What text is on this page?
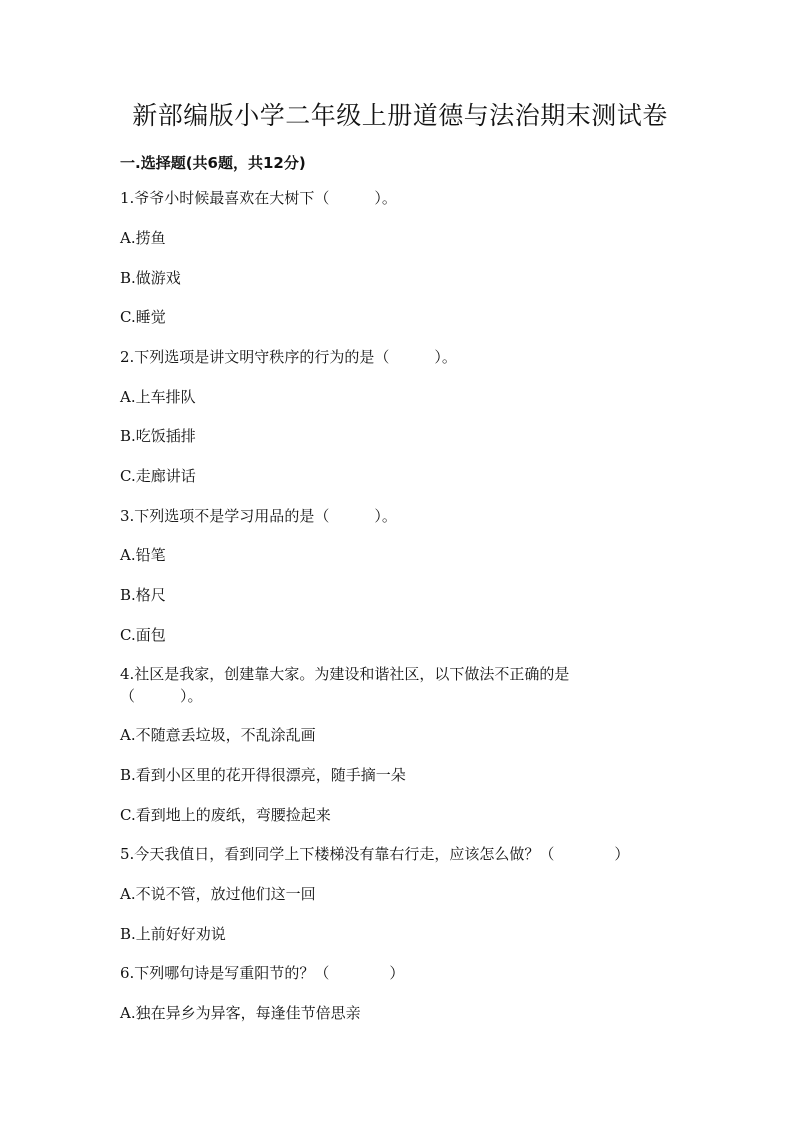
新部编版小学二年级上册道德与法治期末测试卷
一.选择题(共6题，共12分)
1.爷爷小时候最喜欢在大树下（　　　）。
A.捞鱼
B.做游戏
C.睡觉
2.下列选项是讲文明守秩序的行为的是（　　　）。
A.上车排队
B.吃饭插排
C.走廊讲话
3.下列选项不是学习用品的是（　　　）。
A.铅笔
B.格尺
C.面包
4.社区是我家，创建靠大家。为建设和谐社区，以下做法不正确的是
（　　　）。
A.不随意丢垃圾，不乱涂乱画
B.看到小区里的花开得很漂亮，随手摘一朵
C.看到地上的废纸，弯腰捡起来
5.今天我值日，看到同学上下楼梯没有靠右行走，应该怎么做？（　　　　）
A.不说不管，放过他们这一回
B.上前好好劝说
6.下列哪句诗是写重阳节的？（　　　　）
A.独在异乡为异客，每逢佳节倍思亲
